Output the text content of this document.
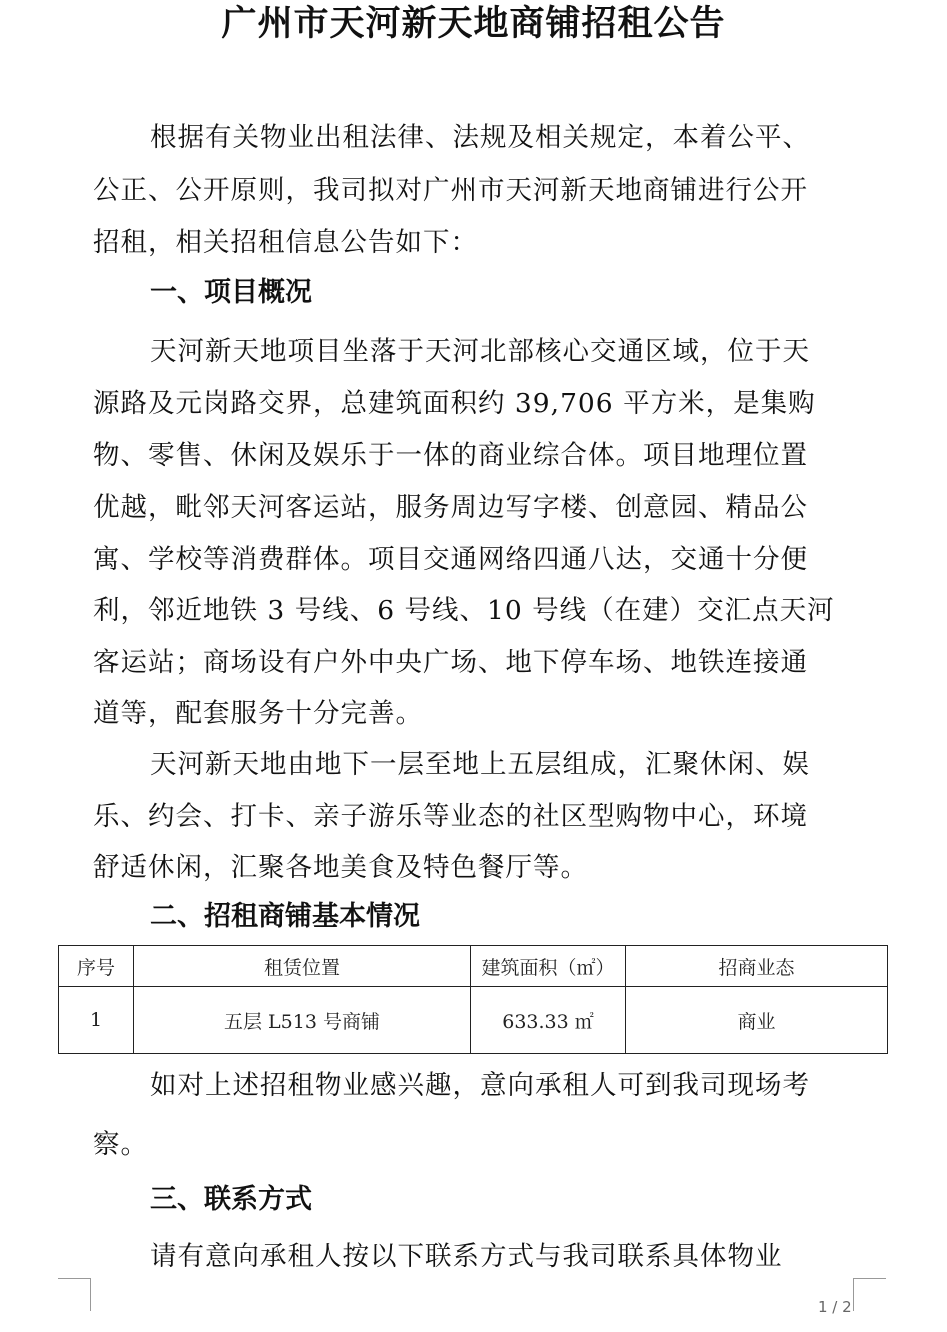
广州市天河新天地商铺招租公告
根据有关物业出租法律、法规及相关规定，本着公平、
公正、公开原则，我司拟对广州市天河新天地商铺进行公开
招租，相关招租信息公告如下：
一、项目概况
天河新天地项目坐落于天河北部核心交通区域，位于天
源路及元岗路交界，总建筑面积约 39,706 平方米，是集购
物、零售、休闲及娱乐于一体的商业综合体。项目地理位置
优越，毗邻天河客运站，服务周边写字楼、创意园、精品公
寓、学校等消费群体。项目交通网络四通八达，交通十分便
利，邻近地铁 3 号线、6 号线、10 号线（在建）交汇点天河
客运站；商场设有户外中央广场、地下停车场、地铁连接通
道等，配套服务十分完善。
天河新天地由地下一层至地上五层组成，汇聚休闲、娱
乐、约会、打卡、亲子游乐等业态的社区型购物中心，环境
舒适休闲，汇聚各地美食及特色餐厅等。
二、招租商铺基本情况
序号	租赁位置	建筑面积（㎡）	招商业态
1	五层 L513 号商铺	633.33 ㎡	商业
如对上述招租物业感兴趣，意向承租人可到我司现场考
察。
三、联系方式
请有意向承租人按以下联系方式与我司联系具体物业
1 / 2
